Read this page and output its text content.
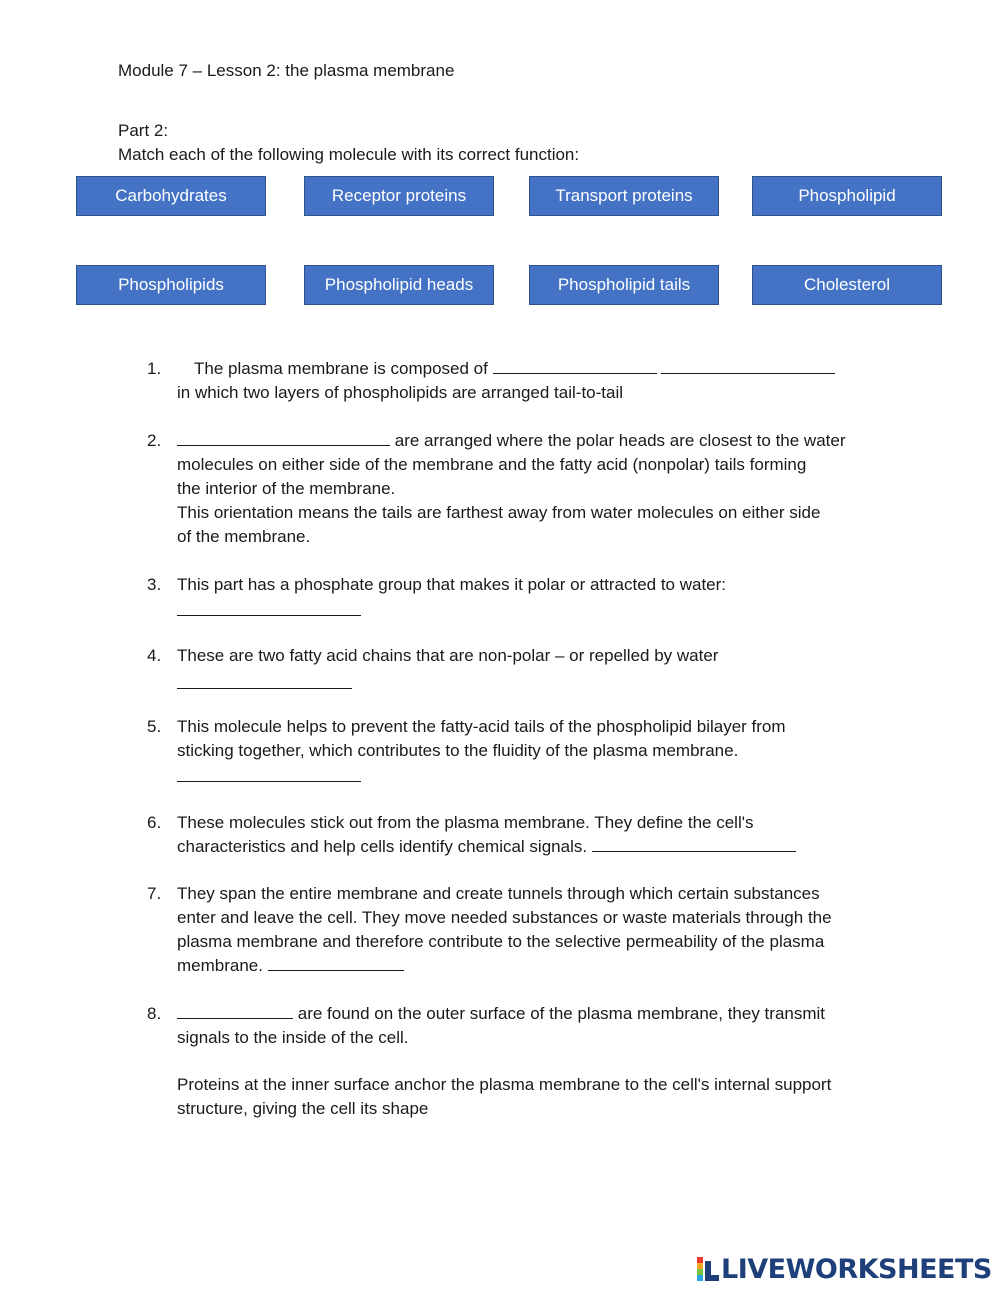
Module 7 – Lesson 2: the plasma membrane
Part 2:
Match each of the following molecule with its correct function:
Carbohydrates	Receptor proteins	Transport proteins	Phospholipid
Phospholipids	Phospholipid heads	Phospholipid tails	Cholesterol
1. The plasma membrane is composed of
in which two layers of phospholipids are arranged tail-to-tail
2.	are arranged where the polar heads are closest to the water
molecules on either side of the membrane and the fatty acid (nonpolar) tails forming
the interior of the membrane.
This orientation means the tails are farthest away from water molecules on either side
of the membrane.
3. This part has a phosphate group that makes it polar or attracted to water:
4. These are two fatty acid chains that are non-polar – or repelled by water
5. This molecule helps to prevent the fatty-acid tails of the phospholipid bilayer from
sticking together, which contributes to the fluidity of the plasma membrane.
6. These molecules stick out from the plasma membrane. They define the cell's
characteristics and help cells identify chemical signals.
7. They span the entire membrane and create tunnels through which certain substances
enter and leave the cell. They move needed substances or waste materials through the
plasma membrane and therefore contribute to the selective permeability of the plasma
membrane.
8.	are found on the outer surface of the plasma membrane, they transmit
signals to the inside of the cell.
Proteins at the inner surface anchor the plasma membrane to the cell's internal support
structure, giving the cell its shape
LIVEWORKSHEETS
